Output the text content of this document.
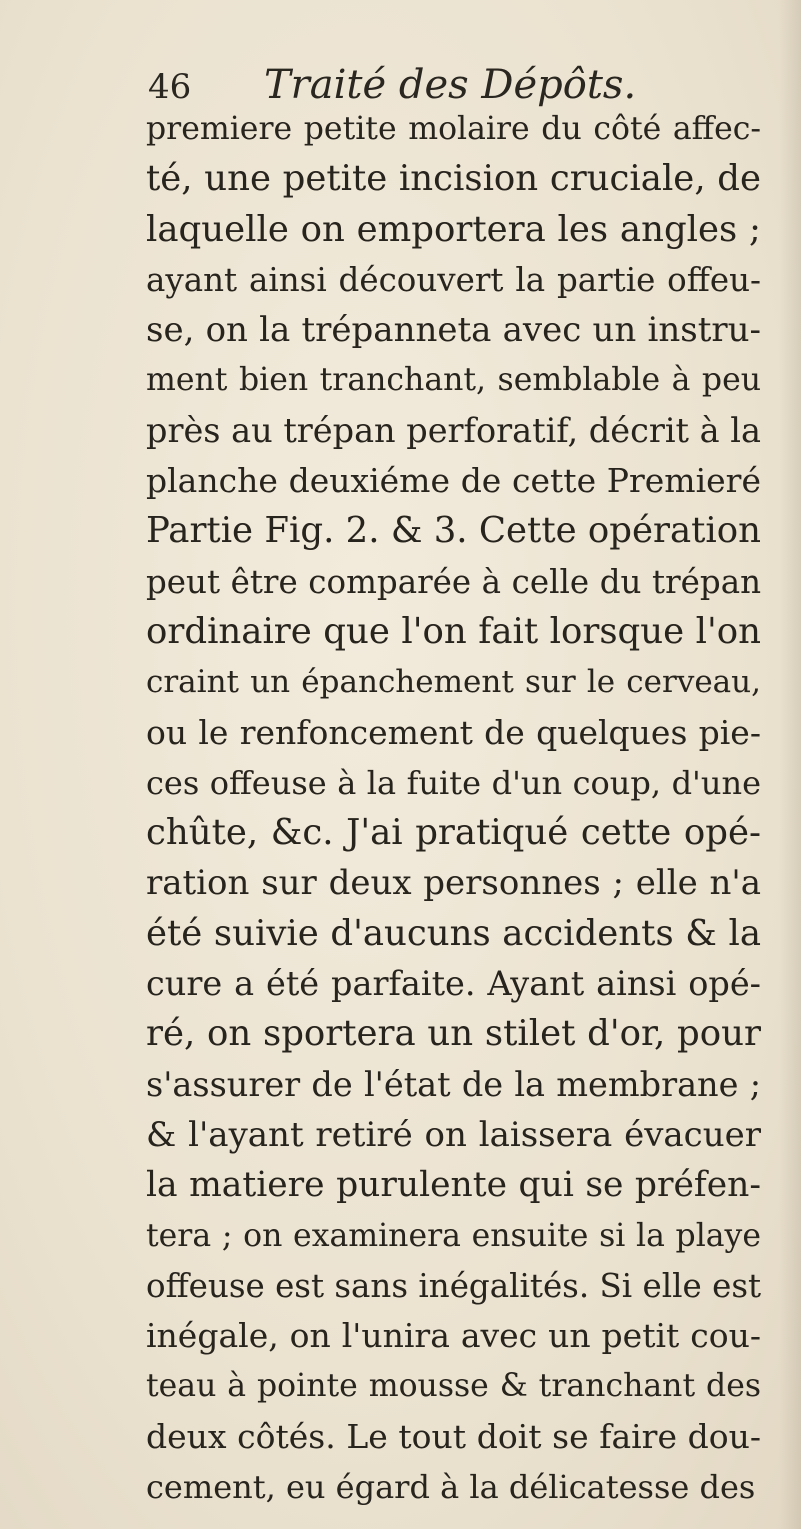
46 Traité des Dépôts.
premiere petite molaire du côté affec-
té, une petite incision cruciale, de
laquelle on emportera les angles ;
ayant ainsi découvert la partie offeu-
se, on la trépanneta avec un instru-
ment bien tranchant, semblable à peu
près au trépan perforatif, décrit à la
planche deuxiéme de cette Premieré
Partie Fig. 2. & 3. Cette opération
peut être comparée à celle du trépan
ordinaire que l'on fait lorsque l'on
craint un épanchement sur le cerveau,
ou le renfoncement de quelques pie-
ces offeuse à la fuite d'un coup, d'une
chûte, &c. J'ai pratiqué cette opé-
ration sur deux personnes ; elle n'a
été suivie d'aucuns accidents & la
cure a été parfaite. Ayant ainsi opé-
ré, on sportera un stilet d'or, pour
s'assurer de l'état de la membrane ;
& l'ayant retiré on laissera évacuer
la matiere purulente qui se préfen-
tera ; on examinera ensuite si la playe
offeuse est sans inégalités. Si elle est
inégale, on l'unira avec un petit cou-
teau à pointe mousse & tranchant des
deux côtés. Le tout doit se faire dou-
cement, eu égard à la délicatesse des
